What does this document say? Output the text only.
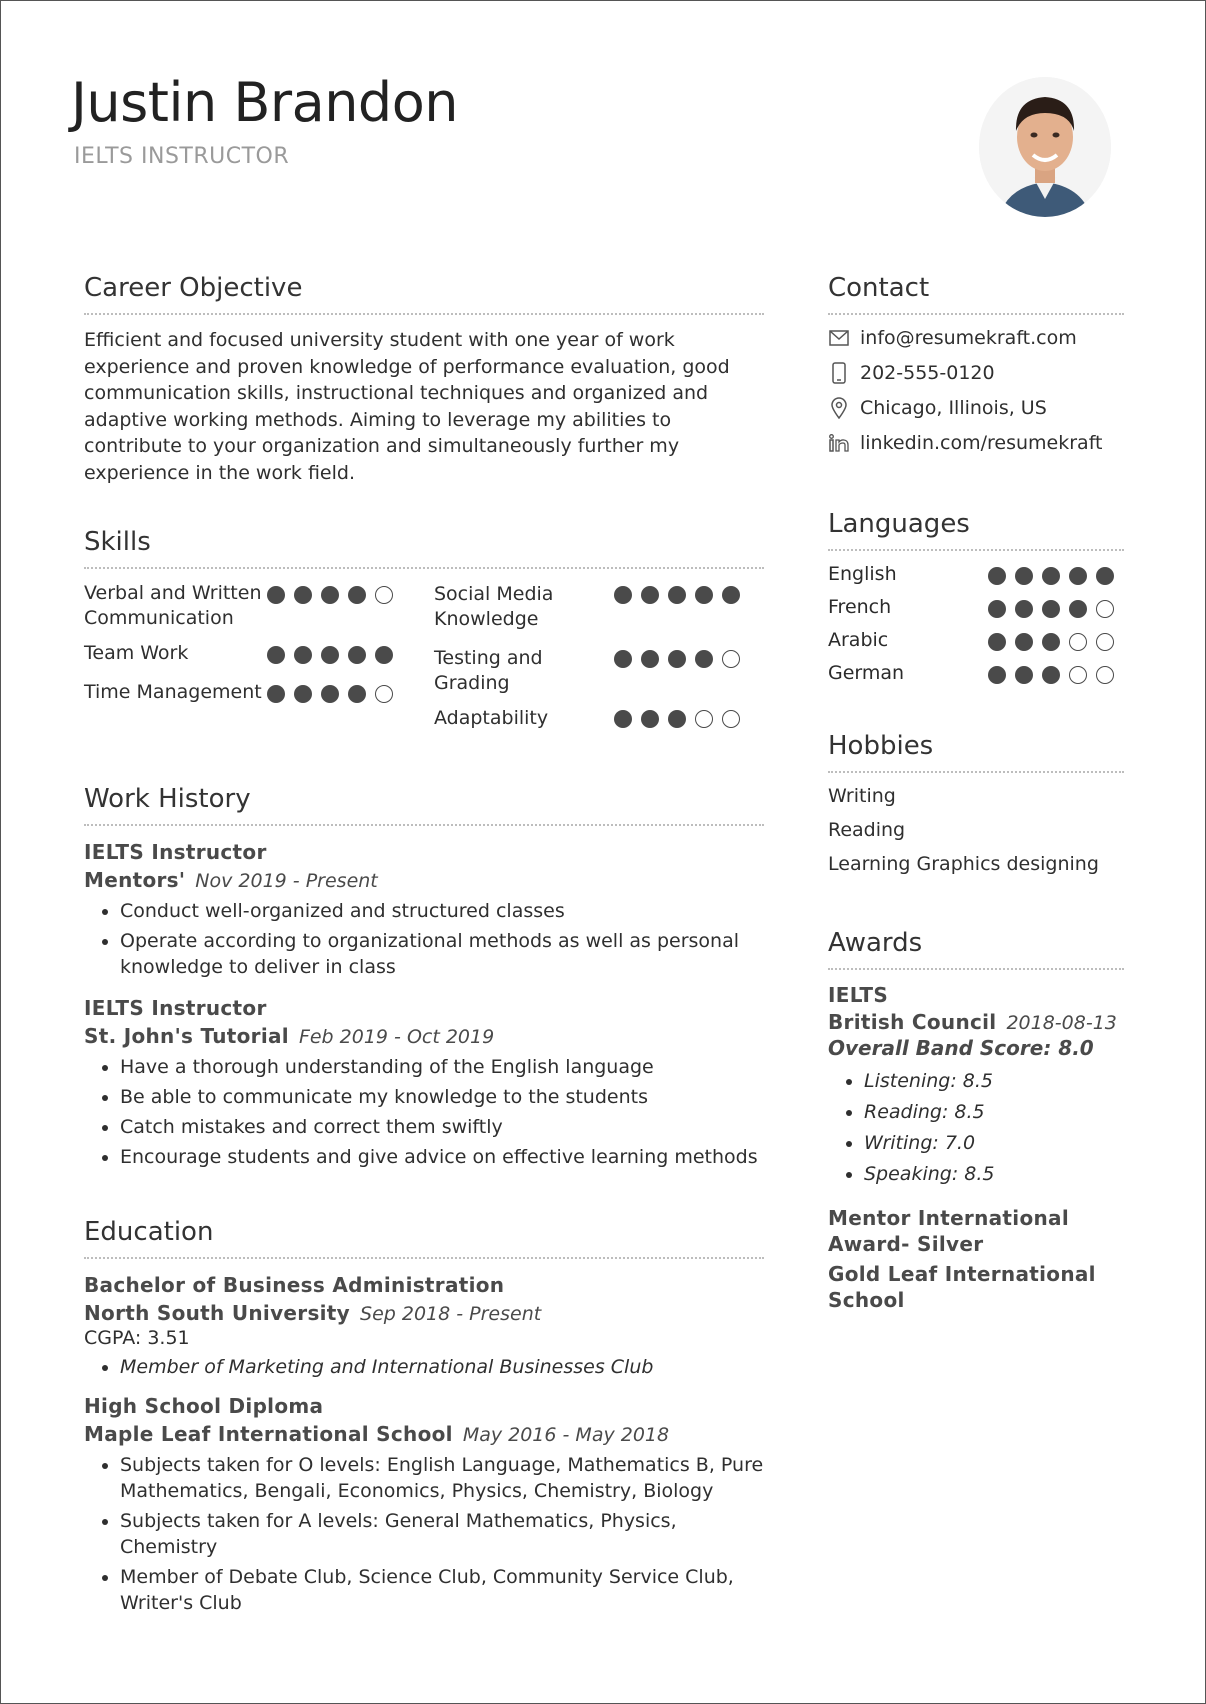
Justin Brandon
IELTS INSTRUCTOR
Career Objective
Efficient and focused university student with one year of work experience and proven knowledge of performance evaluation, good communication skills, instructional techniques and organized and adaptive working methods. Aiming to leverage my abilities to contribute to your organization and simultaneously further my experience in the work field.
Skills
Verbal and Written Communication
Team Work
Time Management
Social Media Knowledge
Testing and Grading
Adaptability
Work History
IELTS Instructor
Mentors' Nov 2019 - Present
• Conduct well-organized and structured classes
• Operate according to organizational methods as well as personal knowledge to deliver in class
IELTS Instructor
St. John's Tutorial Feb 2019 - Oct 2019
• Have a thorough understanding of the English language
• Be able to communicate my knowledge to the students
• Catch mistakes and correct them swiftly
• Encourage students and give advice on effective learning methods
Education
Bachelor of Business Administration
North South University Sep 2018 - Present
CGPA: 3.51
• Member of Marketing and International Businesses Club
High School Diploma
Maple Leaf International School May 2016 - May 2018
• Subjects taken for O levels: English Language, Mathematics B, Pure Mathematics, Bengali, Economics, Physics, Chemistry, Biology
• Subjects taken for A levels: General Mathematics, Physics, Chemistry
• Member of Debate Club, Science Club, Community Service Club, Writer's Club
Contact
info@resumekraft.com
202-555-0120
Chicago, Illinois, US
linkedin.com/resumekraft
Languages
English
French
Arabic
German
Hobbies
Writing
Reading
Learning Graphics designing
Awards
IELTS
British Council 2018-08-13
Overall Band Score: 8.0
• Listening: 8.5
• Reading: 8.5
• Writing: 7.0
• Speaking: 8.5
Mentor International Award- Silver
Gold Leaf International School
